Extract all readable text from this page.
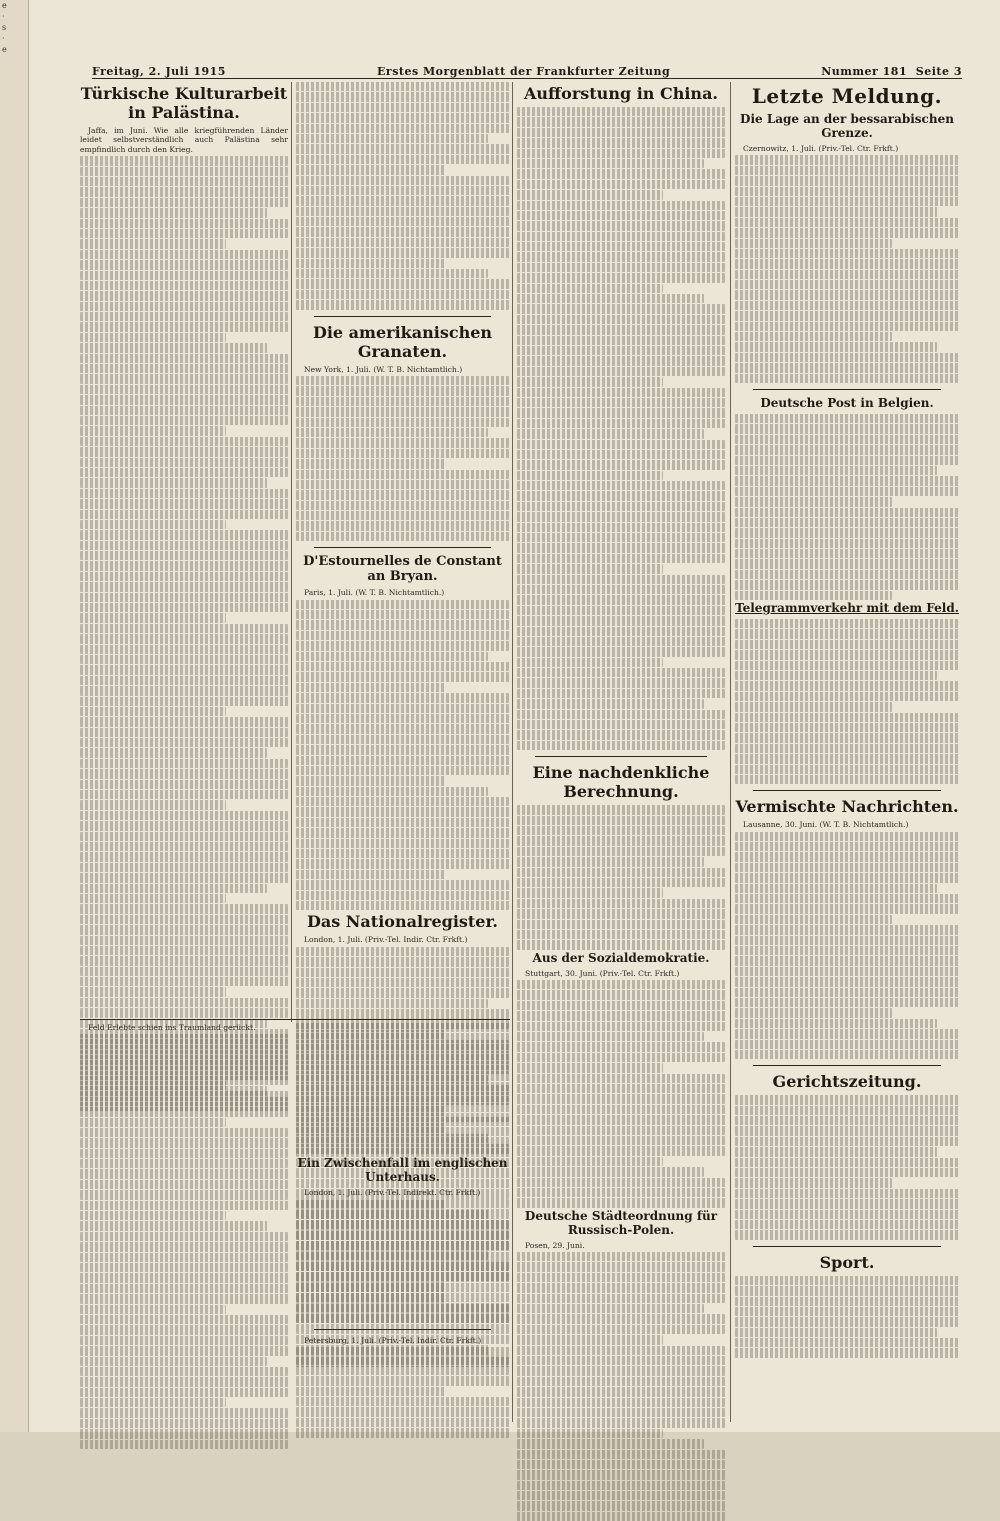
e
·
s
·
e
Freitag, 2. Juli 1915	Erstes Morgenblatt der Frankfurter Zeitung	Nummer 181 Seite 3
Türkische Kulturarbeit in Palästina.

Jaffa, im Juni. Wie alle kriegführenden Länder leidet selbstverständlich auch Palästina sehr empfindlich durch den Krieg.

Die amerikanischen Granaten.

New York, 1. Juli. (W. T. B. Nichtamtlich.)

D'Estournelles de Constant an Bryan.

Paris, 1. Juli. (W. T. B. Nichtamtlich.)

Das Nationalregister.

London, 1. Juli. (Priv.-Tel. Indir. Ctr. Frkft.)

Ein Zwischenfall im englischen Unterhaus.

London, 1. Juli. (Priv.-Tel. Indirekt. Ctr. Frkft.)

Petersburg, 1. Juli. (Priv.-Tel. Indir. Ctr. Frkft.)

Aufforstung in China.
Eine nachdenkliche Berechnung.
Aus der Sozialdemokratie.

Stuttgart, 30. Juni. (Priv.-Tel. Ctr. Frkft.)

Deutsche Städteordnung für Russisch-Polen.

Posen, 29. Juni.

Letzte Meldung.
Die Lage an der bessarabischen Grenze.

Czernowitz, 1. Juli. (Priv.-Tel. Ctr. Frkft.)

Deutsche Post in Belgien.
Telegrammverkehr mit dem Feld.
Vermischte Nachrichten.

Lausanne, 30. Juni. (W. T. B. Nichtamtlich.)

Gerichtszeitung.
Sport.

Feld Erlebte schien ins Traumland gerückt.
